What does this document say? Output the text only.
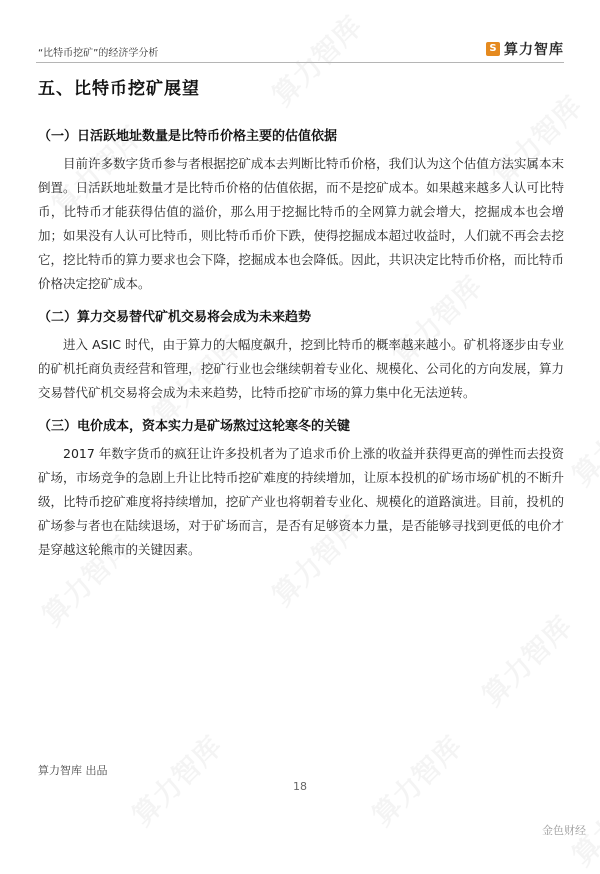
“比特币挖矿”的经济学分析	S 算力智库
五、比特币挖矿展望
（一）日活跃地址数量是比特币价格主要的估值依据

目前许多数字货币参与者根据挖矿成本去判断比特币价格，我们认为这个估值方法实属本末倒置。日活跃地址数量才是比特币价格的估值依据，而不是挖矿成本。如果越来越多人认可比特币，比特币才能获得估值的溢价，那么用于挖掘比特币的全网算力就会增大，挖掘成本也会增加；如果没有人认可比特币，则比特币币价下跌，使得挖掘成本超过收益时，人们就不再会去挖它，挖比特币的算力要求也会下降，挖掘成本也会降低。因此，共识决定比特币价格，而比特币价格决定挖矿成本。

（二）算力交易替代矿机交易将会成为未来趋势

进入 ASIC 时代，由于算力的大幅度飙升，挖到比特币的概率越来越小。矿机将逐步由专业的矿机托商负责经营和管理，挖矿行业也会继续朝着专业化、规模化、公司化的方向发展，算力交易替代矿机交易将会成为未来趋势，比特币挖矿市场的算力集中化无法逆转。

（三）电价成本，资本实力是矿场熬过这轮寒冬的关键

2017 年数字货币的疯狂让许多投机者为了追求币价上涨的收益并获得更高的弹性而去投资矿场，市场竞争的急剧上升让比特币挖矿难度的持续增加，让原本投机的矿场市场矿机的不断升级，比特币挖矿难度将持续增加，挖矿产业也将朝着专业化、规模化的道路演进。目前，投机的矿场参与者也在陆续退场，对于矿场而言，是否有足够资本力量，是否能够寻找到更低的电价才是穿越这轮熊市的关键因素。

算力智库 出品
18
金色财经
